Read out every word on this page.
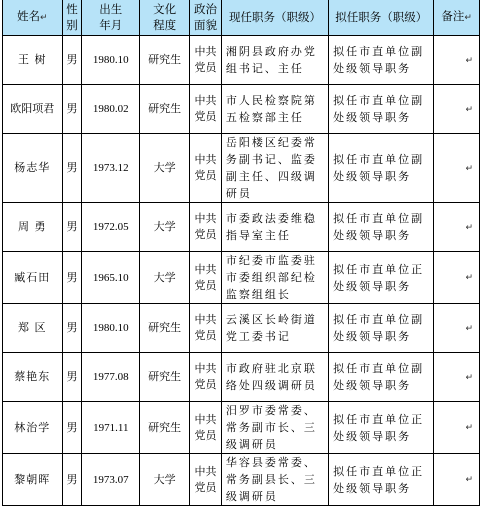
姓名↵	性别	出生年月	文化程度	政治面貌	现任职务（职级）	拟任职务（职级）	备注↵
王 树	男	1980.10	研究生	中共党员	湘阴县政府办党组书记、主任	拟任市直单位副处级领导职务	↵
欧阳项君	男	1980.02	研究生	中共党员	市人民检察院第五检察部主任	拟任市直单位副处级领导职务	↵
杨志华	男	1973.12	大学	中共党员	岳阳楼区纪委常务副书记、监委副主任、四级调研员	拟任市直单位副处级领导职务	↵
周 勇	男	1972.05	大学	中共党员	市委政法委维稳指导室主任	拟任市直单位副处级领导职务	↵
臧石田	男	1965.10	大学	中共党员	市纪委市监委驻市委组织部纪检监察组组长	拟任市直单位正处级领导职务	↵
郑 区	男	1980.10	研究生	中共党员	云溪区长岭街道党工委书记	拟任市直单位副处级领导职务	↵
蔡艳东	男	1977.08	研究生	中共党员	市政府驻北京联络处四级调研员	拟任市直单位副处级领导职务	↵
林治学	男	1971.11	研究生	中共党员	汨罗市委常委、常务副市长、三级调研员	拟任市直单位正处级领导职务	↵
黎朝晖	男	1973.07	大学	中共党员	华容县委常委、常务副县长、三级调研员	拟任市直单位正处级领导职务	↵
